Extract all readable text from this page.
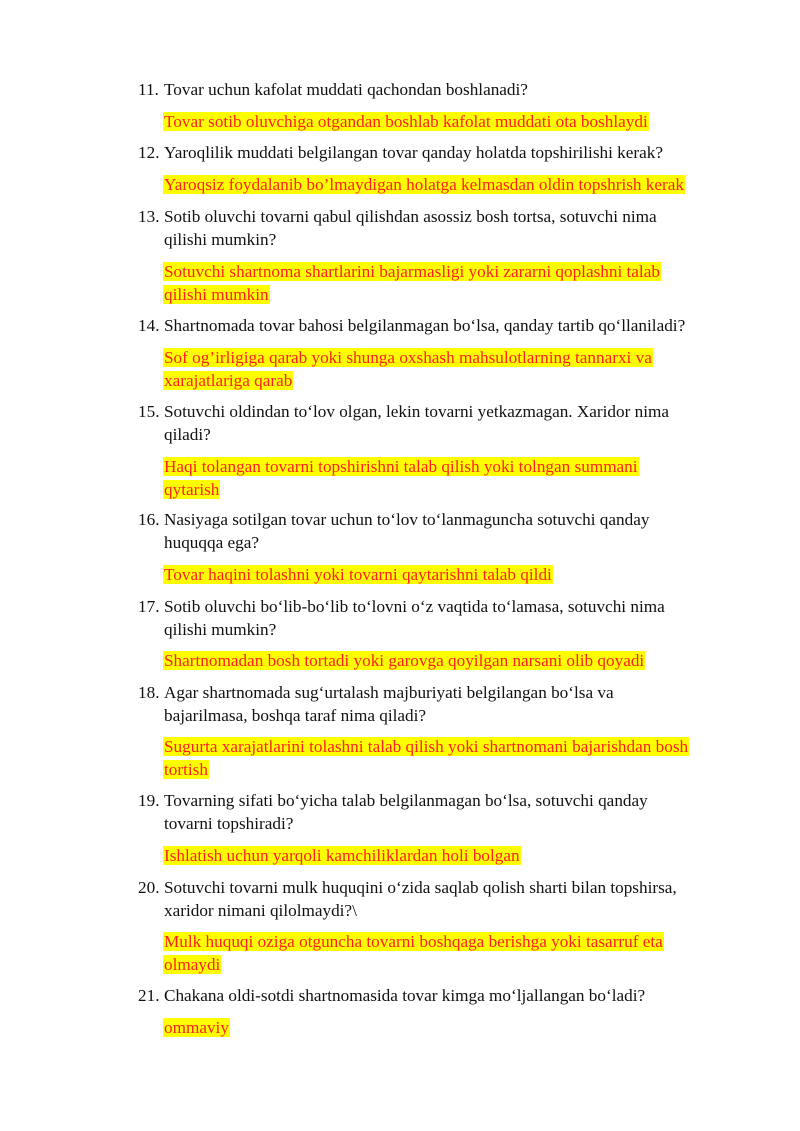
11. Tovar uchun kafolat muddati qachondan boshlanadi?
Tovar sotib oluvchiga otgandan boshlab kafolat muddati ota boshlaydi
12. Yaroqlilik muddati belgilangan tovar qanday holatda topshirilishi kerak?
Yaroqsiz foydalanib bo’lmaydigan holatga kelmasdan oldin topshrish kerak
13. Sotib oluvchi tovarni qabul qilishdan asossiz bosh tortsa, sotuvchi nima
qilishi mumkin?
Sotuvchi shartnoma shartlarini bajarmasligi yoki zararni qoplashni talab
qilishi mumkin
14. Shartnomada tovar bahosi belgilanmagan bo‘lsa, qanday tartib qo‘llaniladi?
Sof og’irligiga qarab yoki shunga oxshash mahsulotlarning tannarxi va
xarajatlariga qarab
15. Sotuvchi oldindan to‘lov olgan, lekin tovarni yetkazmagan. Xaridor nima
qiladi?
Haqi tolangan tovarni topshirishni talab qilish yoki tolngan summani
qytarish
16. Nasiyaga sotilgan tovar uchun to‘lov to‘lanmaguncha sotuvchi qanday
huquqqa ega?
Tovar haqini tolashni yoki tovarni qaytarishni talab qildi
17. Sotib oluvchi bo‘lib-bo‘lib to‘lovni o‘z vaqtida to‘lamasa, sotuvchi nima
qilishi mumkin?
Shartnomadan bosh tortadi yoki garovga qoyilgan narsani olib qoyadi
18. Agar shartnomada sug‘urtalash majburiyati belgilangan bo‘lsa va
bajarilmasa, boshqa taraf nima qiladi?
Sugurta xarajatlarini tolashni talab qilish yoki shartnomani bajarishdan bosh
tortish
19. Tovarning sifati bo‘yicha talab belgilanmagan bo‘lsa, sotuvchi qanday
tovarni topshiradi?
Ishlatish uchun yarqoli kamchiliklardan holi bolgan
20. Sotuvchi tovarni mulk huquqini o‘zida saqlab qolish sharti bilan topshirsa,
xaridor nimani qilolmaydi?\
Mulk huquqi oziga otguncha tovarni boshqaga berishga yoki tasarruf eta
olmaydi
21. Chakana oldi-sotdi shartnomasida tovar kimga mo‘ljallangan bo‘ladi?
ommaviy
